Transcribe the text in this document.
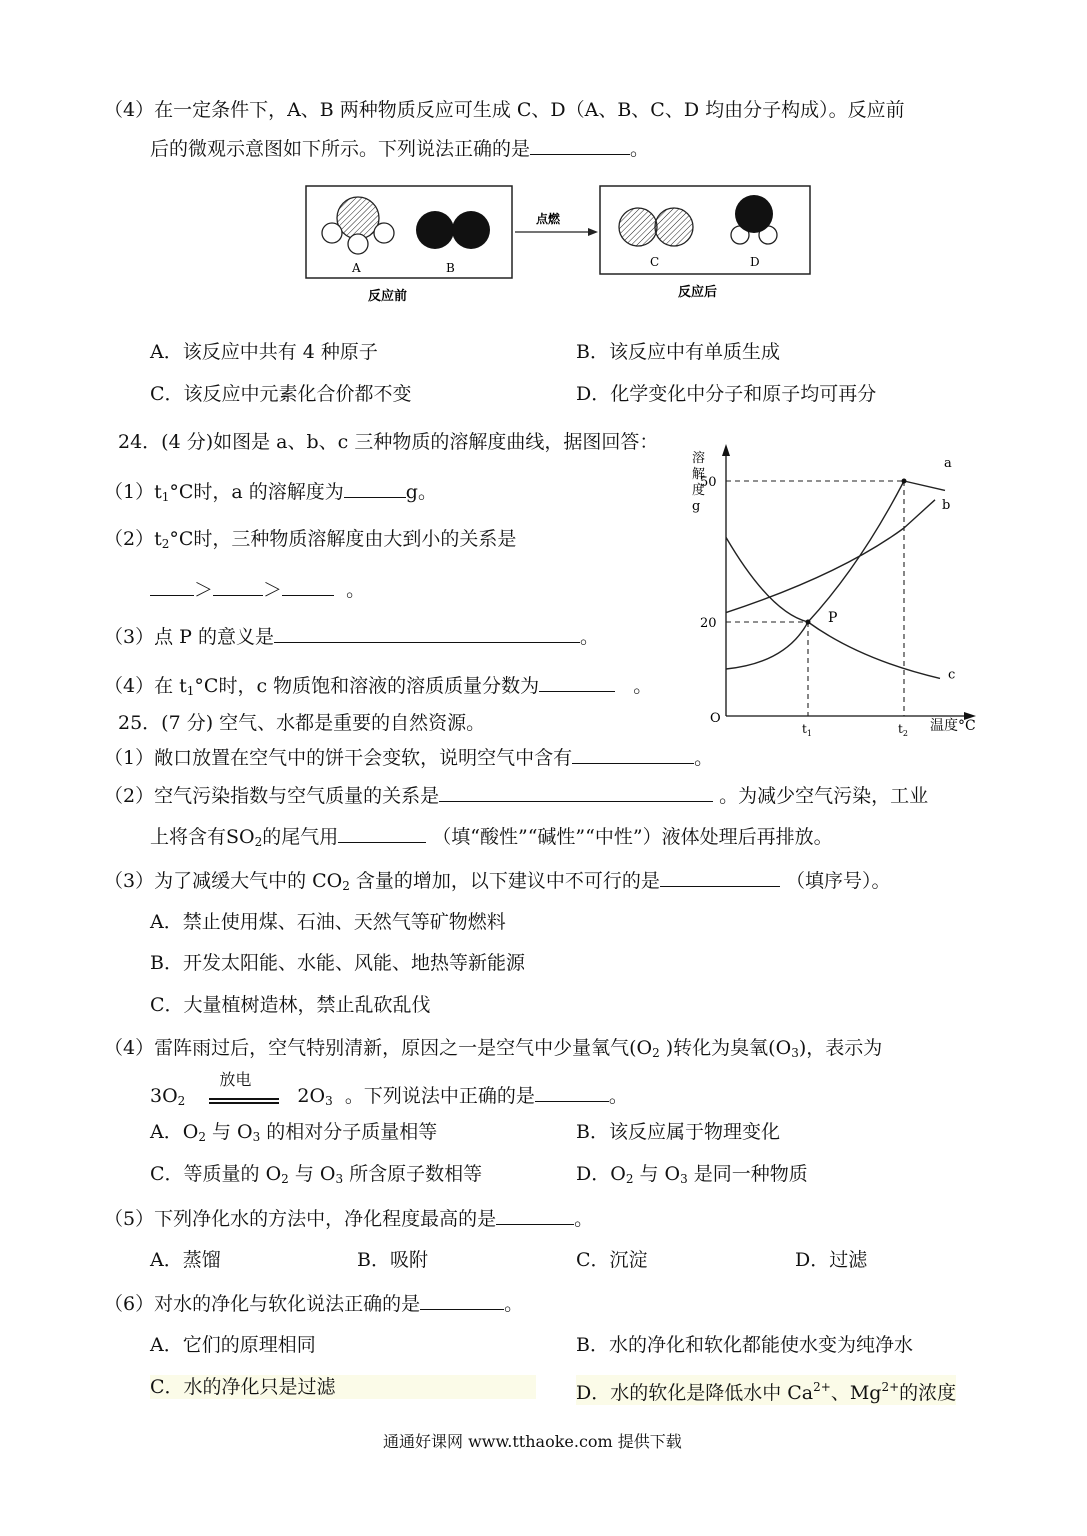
（4）在一定条件下，A、B 两种物质反应可生成 C、D（A、B、C、D 均由分子构成）。反应前
后的微观示意图如下所示。下列说法正确的是	。
A	B
点燃
C	D
反应前	反应后
A．该反应中共有 4 种原子	B．该反应中有单质生成
C．该反应中元素化合价都不变	D．化学变化中分子和原子均可再分
24．(4 分)如图是 a、b、c 三种物质的溶解度曲线，据图回答：
$(1)t_1^\circ C$时，a 的溶解度为	g。
$(2)t_2^\circ C$时，三种物质溶解度由大到小的关系是
＞	＞	。
（3）点 P 的意义是	。
（4）在 $t_1^\circ C$时，c 物质饱和溶液的溶质质量分数为	。
溶
解
度
g
温度°C
O
20
50
$t_1$	$t_2$
a
b
c
P
25．(7 分) 空气、水都是重要的自然资源。
（1）敞口放置在空气中的饼干会变软，说明空气中含有	。
（2）空气污染指数与空气质量的关系是	。为减少空气污染，工业
上将含有$SO_2$的尾气用	（填“酸性”“碱性”“中性”）液体处理后再排放。
（3）为了减缓大气中的 $CO_2$ 含量的增加，以下建议中不可行的是	（填序号）。
A．禁止使用煤、石油、天然气等矿物燃料
B．开发太阳能、水能、风能、地热等新能源
C．大量植树造林，禁止乱砍乱伐
（4）雷阵雨过后，空气特别清新，原因之一是空气中少量氧气($O_2$ )转化为臭氧$(O_3)$，表示为
$3O_2$
放电
$2O_3$ 。下列说法中正确的是	。
A．$O_2$ 与 $O_3$ 的相对分子质量相等	B．该反应属于物理变化
C．等质量的 $O_2$ 与 $O_3$ 所含原子数相等	D．$O_2$ 与 $O_3$ 是同一种物质
（5）下列净化水的方法中，净化程度最高的是	。
A．蒸馏	B．吸附	C．沉淀	D．过滤
（6）对水的净化与软化说法正确的是	。
A．它们的原理相同	B．水的净化和软化都能使水变为纯净水
C．水的净化只是过滤	D．水的软化是降低水中 $Ca^{2+}$、$Mg^{2+}$的浓度
通通好课网 www.tthaoke.com 提供下载
